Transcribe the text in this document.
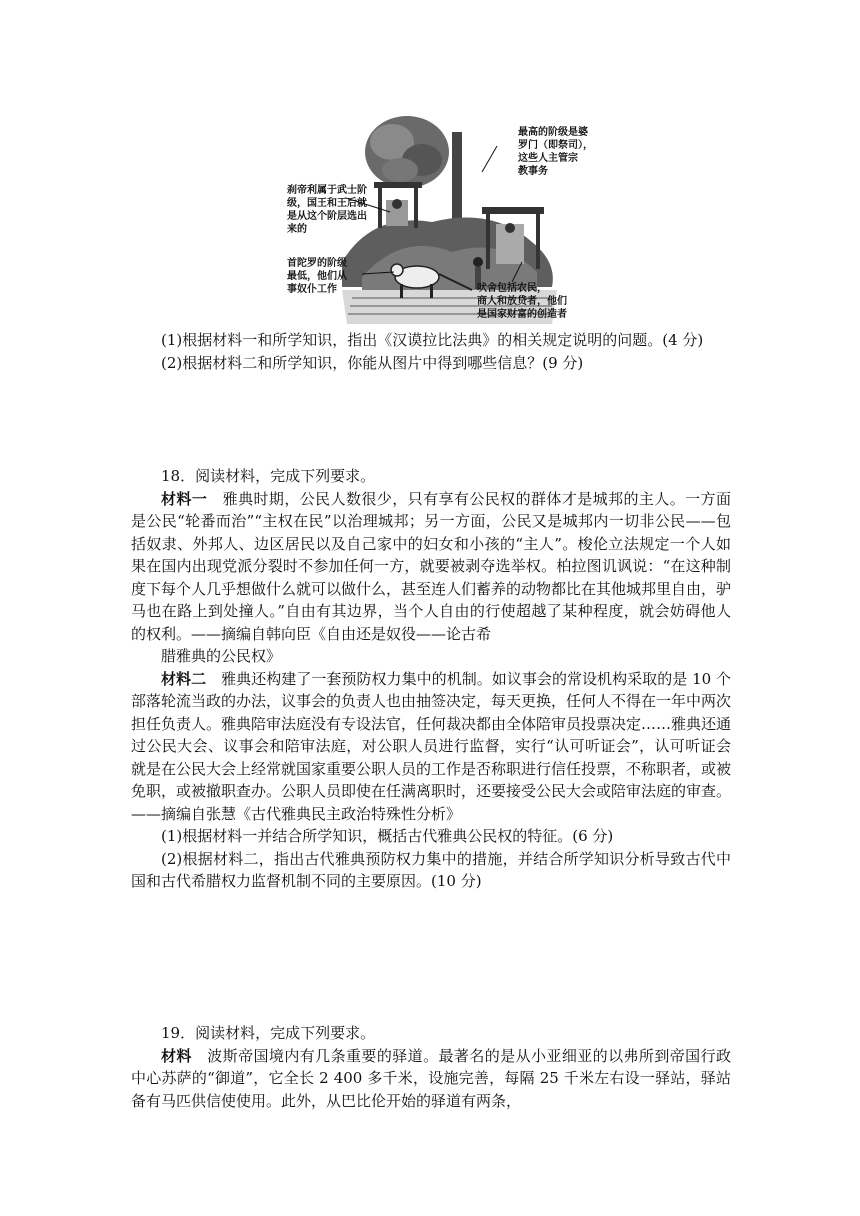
最高的阶级是婆
罗门（即祭司），
这些人主管宗
教事务
刹帝利属于武士阶
级，国王和王后就
是从这个阶层选出
来的
首陀罗的阶级
最低，他们从
事奴仆工作	吠舍包括农民，
商人和放贷者，他们
是国家财富的创造者

(1)根据材料一和所学知识，指出《汉谟拉比法典》的相关规定说明的问题。(4 分)

(2)根据材料二和所学知识，你能从图片中得到哪些信息？(9 分)

18．阅读材料，完成下列要求。

材料一　雅典时期，公民人数很少，只有享有公民权的群体才是城邦的主人。一方面是公民“轮番而治”“主权在民”以治理城邦；另一方面，公民又是城邦内一切非公民——包括奴隶、外邦人、边区居民以及自己家中的妇女和小孩的“主人”。梭伦立法规定一个人如果在国内出现党派分裂时不参加任何一方，就要被剥夺选举权。柏拉图讥讽说：“在这种制度下每个人几乎想做什么就可以做什么，甚至连人们蓄养的动物都比在其他城邦里自由，驴马也在路上到处撞人。”自由有其边界，当个人自由的行使超越了某种程度，就会妨碍他人的权利。——摘编自韩向臣《自由还是奴役——论古希

腊雅典的公民权》

材料二　雅典还构建了一套预防权力集中的机制。如议事会的常设机构采取的是 10 个部落轮流当政的办法，议事会的负责人也由抽签决定，每天更换，任何人不得在一年中两次担任负责人。雅典陪审法庭没有专设法官，任何裁决都由全体陪审员投票决定……雅典还通过公民大会、议事会和陪审法庭，对公职人员进行监督，实行“认可听证会”，认可听证会就是在公民大会上经常就国家重要公职人员的工作是否称职进行信任投票，不称职者，或被免职，或被撤职查办。公职人员即使在任满离职时，还要接受公民大会或陪审法庭的审查。——摘编自张慧《古代雅典民主政治特殊性分析》

(1)根据材料一并结合所学知识，概括古代雅典公民权的特征。(6 分)

(2)根据材料二，指出古代雅典预防权力集中的措施，并结合所学知识分析导致古代中国和古代希腊权力监督机制不同的主要原因。(10 分)

19．阅读材料，完成下列要求。

材料　波斯帝国境内有几条重要的驿道。最著名的是从小亚细亚的以弗所到帝国行政中心苏萨的“御道”，它全长 2 400 多千米，设施完善，每隔 25 千米左右设一驿站，驿站备有马匹供信使使用。此外，从巴比伦开始的驿道有两条，
